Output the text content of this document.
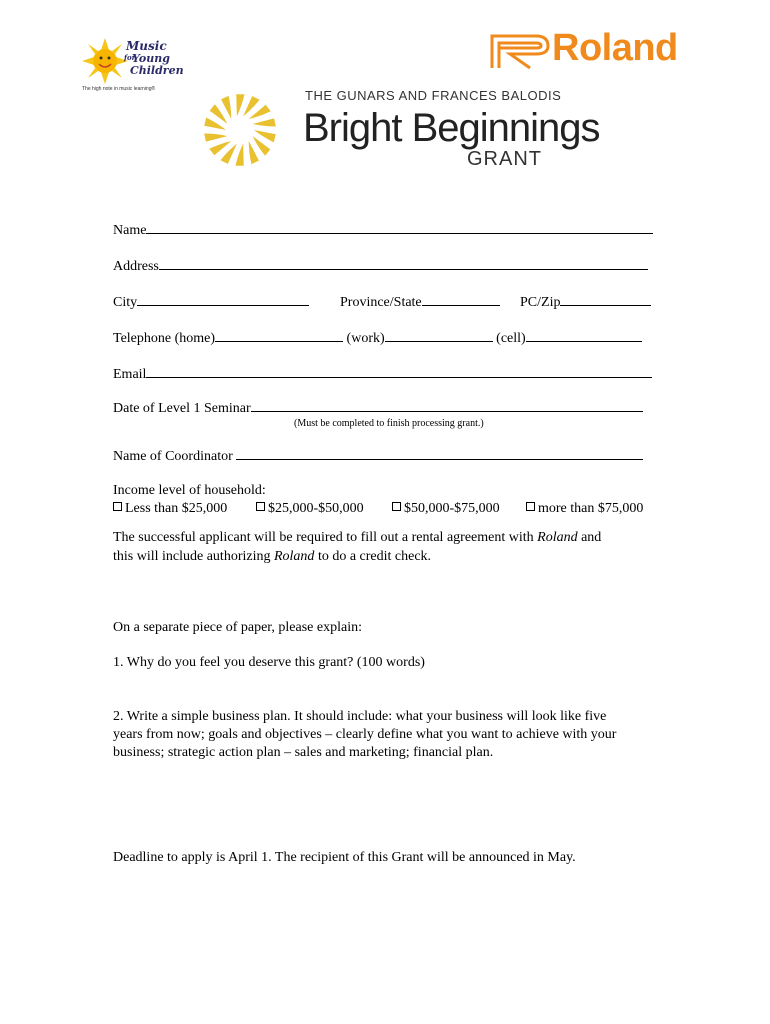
Music
for
Young
Children
The high note in music learning®
Roland
THE GUNARS AND FRANCES BALODIS
Bright Beginnings
GRANT
Name
Address
City	Province/State	PC/Zip
Telephone (home)	(work)	(cell)
Email
Date of Level 1 Seminar
(Must be completed to finish processing grant.)
Name of Coordinator
Income level of household:
Less than $25,000	$25,000-$50,000	$50,000-$75,000	more than $75,000
The successful applicant will be required to fill out a rental agreement with Roland and
this will include authorizing Roland to do a credit check.
On a separate piece of paper, please explain:
1. Why do you feel you deserve this grant? (100 words)
2. Write a simple business plan. It should include: what your business will look like five
years from now; goals and objectives – clearly define what you want to achieve with your
business; strategic action plan – sales and marketing; financial plan.
Deadline to apply is April 1. The recipient of this Grant will be announced in May.
